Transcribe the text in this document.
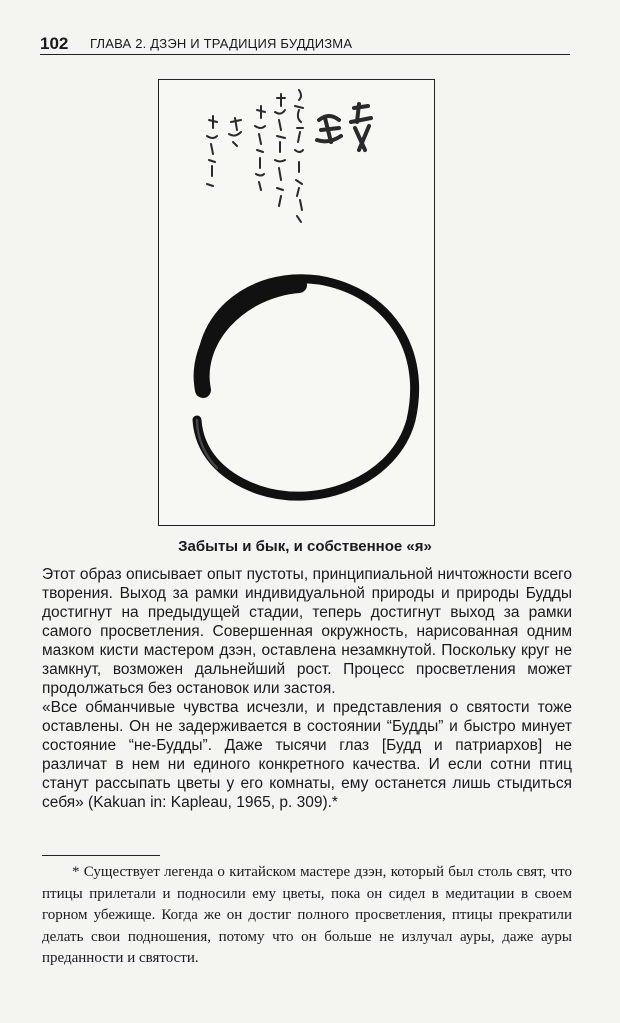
102 ГЛАВА 2. ДЗЭН И ТРАДИЦИЯ БУДДИЗМА
Забыты и бык, и собственное «я»

Этот образ описывает опыт пустоты, принципиальной ничтожности всего творения. Выход за рамки индивидуальной природы и природы Будды достигнут на предыдущей стадии, теперь достигнут выход за рамки самого просветления. Совершенная окружность, нарисованная одним мазком кисти мастером дзэн, оставлена незамкнутой. Поскольку круг не замкнут, возможен дальнейший рост. Процесс просветления может продолжаться без остановок или застоя.

«Все обманчивые чувства исчезли, и представления о святости тоже оставлены. Он не задерживается в состоянии “Будды” и быстро минует состояние “не-Будды”. Даже тысячи глаз [Будд и патриархов] не различат в нем ни единого конкретного качества. И если сотни птиц станут рассыпать цветы у его комнаты, ему останется лишь стыдиться себя» (Kakuan in: Kapleau, 1965, p. 309).*

* Существует легенда о китайском мастере дзэн, который был столь свят, что птицы прилетали и подносили ему цветы, пока он сидел в медитации в своем горном убежище. Когда же он достиг полного просветления, птицы прекратили делать свои подношения, потому что он больше не излучал ауры, даже ауры преданности и святости.
